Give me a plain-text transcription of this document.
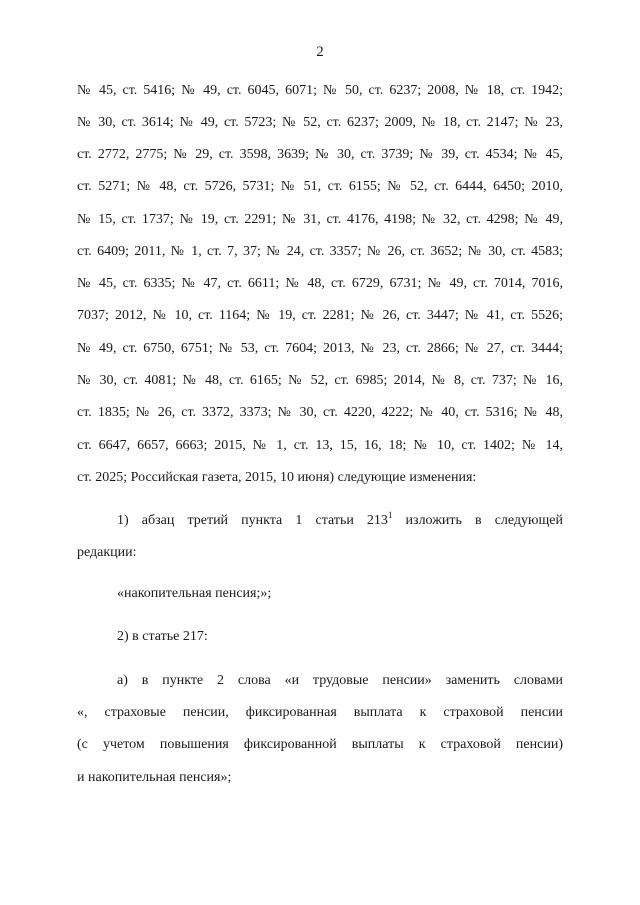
2
№ 45, ст. 5416; № 49, ст. 6045, 6071; № 50, ст. 6237; 2008, № 18, ст. 1942;
№ 30, ст. 3614; № 49, ст. 5723; № 52, ст. 6237; 2009, № 18, ст. 2147; № 23,
ст. 2772, 2775; № 29, ст. 3598, 3639; № 30, ст. 3739; № 39, ст. 4534; № 45,
ст. 5271; № 48, ст. 5726, 5731; № 51, ст. 6155; № 52, ст. 6444, 6450; 2010,
№ 15, ст. 1737; № 19, ст. 2291; № 31, ст. 4176, 4198; № 32, ст. 4298; № 49,
ст. 6409; 2011, № 1, ст. 7, 37; № 24, ст. 3357; № 26, ст. 3652; № 30, ст. 4583;
№ 45, ст. 6335; № 47, ст. 6611; № 48, ст. 6729, 6731; № 49, ст. 7014, 7016,
7037; 2012, № 10, ст. 1164; № 19, ст. 2281; № 26, ст. 3447; № 41, ст. 5526;
№ 49, ст. 6750, 6751; № 53, ст. 7604; 2013, № 23, ст. 2866; № 27, ст. 3444;
№ 30, ст. 4081; № 48, ст. 6165; № 52, ст. 6985; 2014, № 8, ст. 737; № 16,
ст. 1835; № 26, ст. 3372, 3373; № 30, ст. 4220, 4222; № 40, ст. 5316; № 48,
ст. 6647, 6657, 6663; 2015, № 1, ст. 13, 15, 16, 18; № 10, ст. 1402; № 14,
ст. 2025; Российская газета, 2015, 10 июня) следующие изменения:
1) абзац третий пункта 1 статьи $213^1$ изложить в следующей
редакции:
«накопительная пенсия;»;
2) в статье 217:
а) в пункте 2 слова «и трудовые пенсии» заменить словами
«, страховые пенсии, фиксированная выплата к страховой пенсии
(с учетом повышения фиксированной выплаты к страховой пенсии)
и накопительная пенсия»;
